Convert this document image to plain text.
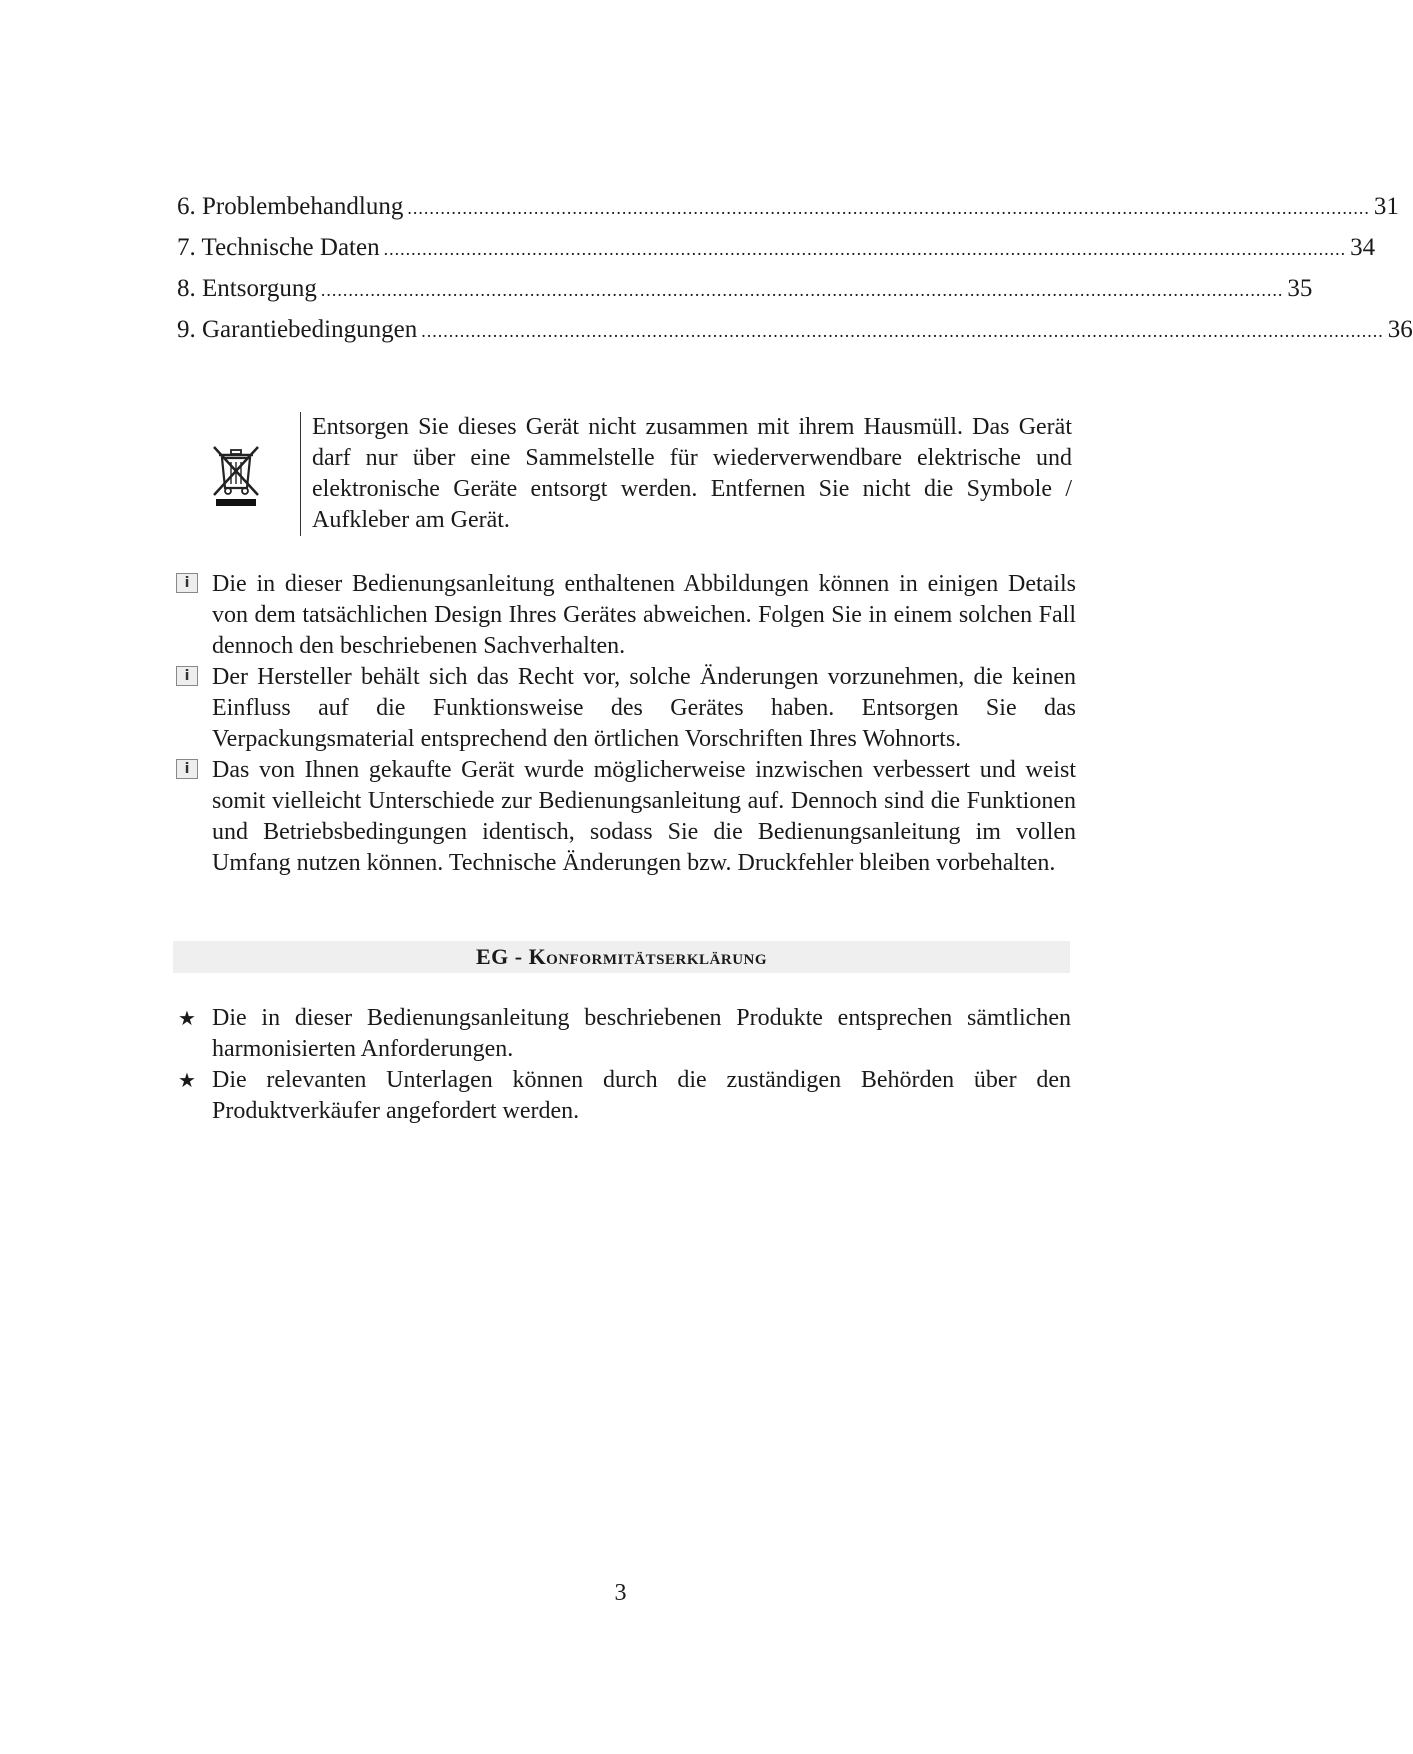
6. Problembehandlung ............................................................................................................................................................................... 31
7. Technische Daten ............................................................................................................................................................................... 34
8. Entsorgung ............................................................................................................................................................................... 35
9. Garantiebedingungen ............................................................................................................................................................................... 36

Entsorgen Sie dieses Gerät nicht zusammen mit ihrem Hausmüll. Das Gerät darf nur über eine Sammelstelle für wiederverwendbare elektrische und elektronische Geräte entsorgt werden. Entfernen Sie nicht die Symbole / Aufkleber am Gerät.

i Die in dieser Bedienungsanleitung enthaltenen Abbildungen können in einigen Details von dem tatsächlichen Design Ihres Gerätes abweichen. Folgen Sie in einem solchen Fall dennoch den beschriebenen Sachverhalten.

i Der Hersteller behält sich das Recht vor, solche Änderungen vorzunehmen, die keinen Einfluss auf die Funktionsweise des Gerätes haben. Entsorgen Sie das Verpackungsmaterial entsprechend den örtlichen Vorschriften Ihres Wohnorts.

i Das von Ihnen gekaufte Gerät wurde möglicherweise inzwischen verbessert und weist somit vielleicht Unterschiede zur Bedienungsanleitung auf. Dennoch sind die Funktionen und Betriebsbedingungen identisch, sodass Sie die Bedienungsanleitung im vollen Umfang nutzen können. Technische Änderungen bzw. Druckfehler bleiben vorbehalten.

EG - Konformitätserklärung
★ Die in dieser Bedienungsanleitung beschriebenen Produkte entsprechen sämtlichen harmonisierten Anforderungen.

★ Die relevanten Unterlagen können durch die zuständigen Behörden über den Produktverkäufer angefordert werden.

3
